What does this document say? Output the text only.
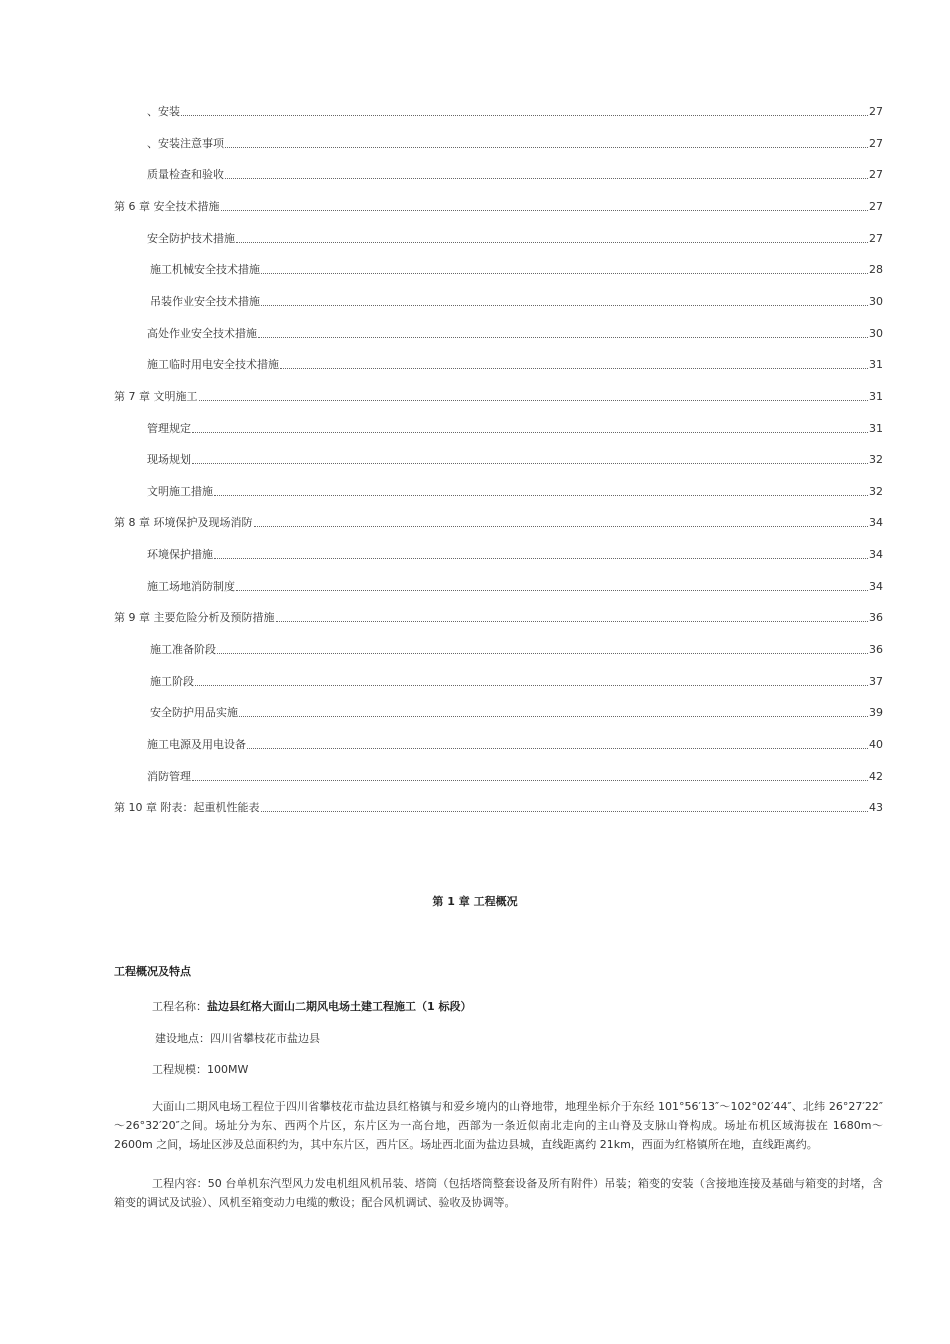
、安装	27
、安装注意事项	27
质量检查和验收	27
第 6 章 安全技术措施	27
安全防护技术措施	27
施工机械安全技术措施	28
吊装作业安全技术措施	30
高处作业安全技术措施	30
施工临时用电安全技术措施	31
第 7 章 文明施工	31
管理规定	31
现场规划	32
文明施工措施	32
第 8 章 环境保护及现场消防	34
环境保护措施	34
施工场地消防制度	34
第 9 章 主要危险分析及预防措施	36
施工准备阶段	36
施工阶段	37
安全防护用品实施	39
施工电源及用电设备	40
消防管理	42
第 10 章 附表：起重机性能表	43
第 1 章 工程概况
工程概况及特点
工程名称：盐边县红格大面山二期风电场土建工程施工（1 标段）
建设地点：四川省攀枝花市盐边县
工程规模：100MW
大面山二期风电场工程位于四川省攀枝花市盐边县红格镇与和爱乡境内的山脊地带，地理坐标介于东经 101°56′13″～102°02′44″、北纬 26°27′22″～26°32′20″之间。场址分为东、西两个片区，东片区为一高台地，西部为一条近似南北走向的主山脊及支脉山脊构成。场址布机区域海拔在 1680m～2600m 之间，场址区涉及总面积约为，其中东片区，西片区。场址西北面为盐边县城，直线距离约 21km，西面为红格镇所在地，直线距离约。
工程内容：50 台单机东汽型风力发电机组风机吊装、塔筒（包括塔筒整套设备及所有附件）吊装；箱变的安装（含接地连接及基础与箱变的封堵，含箱变的调试及试验）、风机至箱变动力电缆的敷设；配合风机调试、验收及协调等。
